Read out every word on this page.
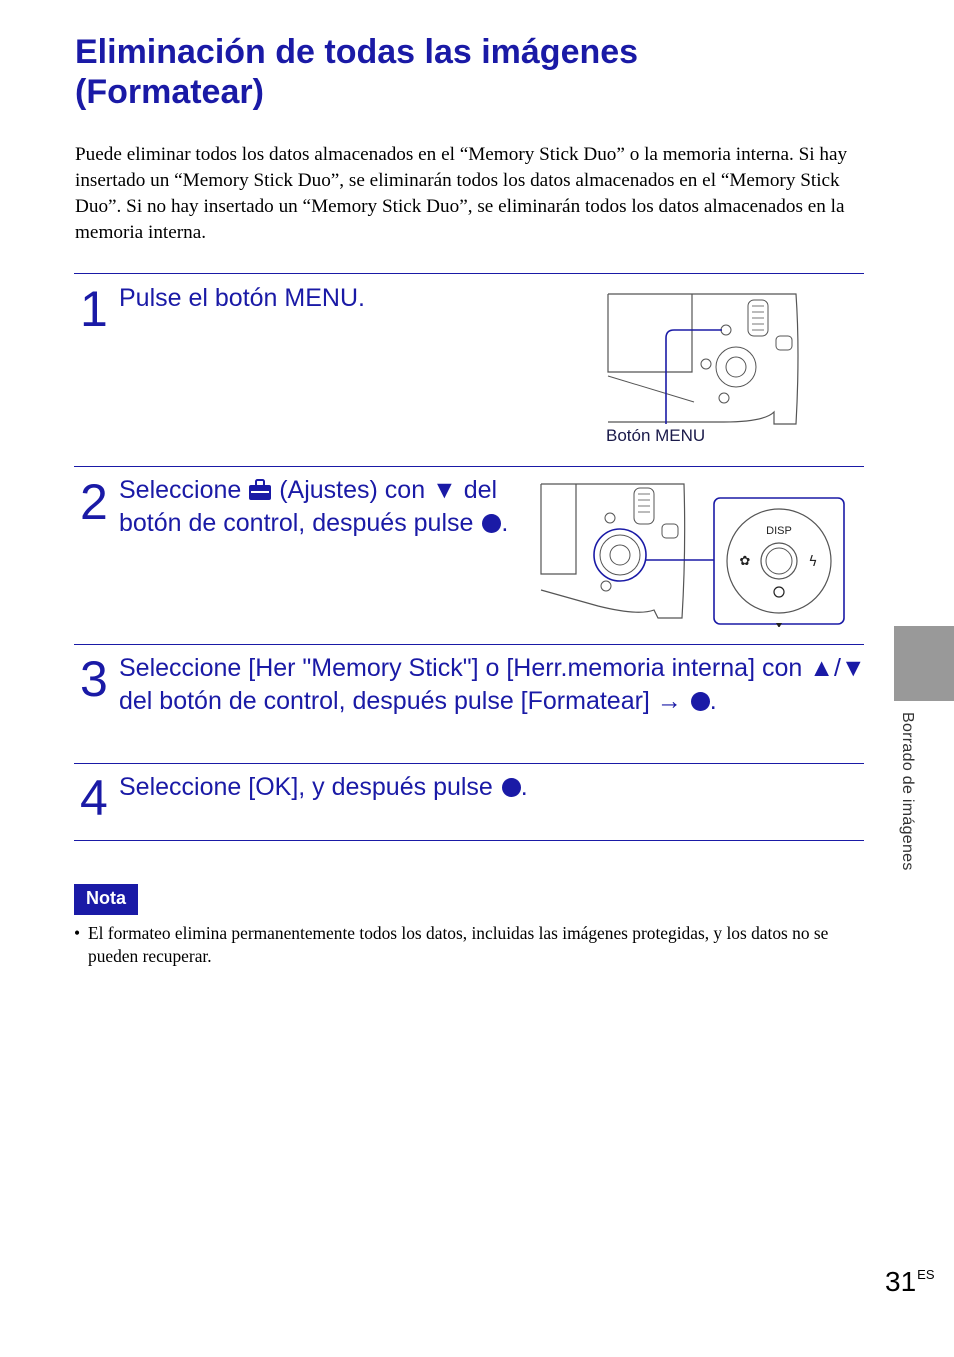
Eliminación de todas las imágenes (Formatear)

Puede eliminar todos los datos almacenados en el “Memory Stick Duo” o la memoria interna. Si hay insertado un “Memory Stick Duo”, se eliminarán todos los datos almacenados en el “Memory Stick Duo”. Si no hay insertado un “Memory Stick Duo”, se eliminarán todos los datos almacenados en la memoria interna.

1 Pulse el botón MENU.
Botón MENU
2 Seleccione (Ajustes) con ▼ del botón de control, después pulse .	DISP
✿	ϟ
3 Seleccione [Her "Memory Stick"] o [Herr.memoria interna] con ▲/▼ del botón de control, después pulse [Formatear] → .
4 Seleccione [OK], y después pulse .
Nota
• El formateo elimina permanentemente todos los datos, incluidas las imágenes protegidas, y los datos no se pueden recuperar.
Borrado de imágenes
$31^{ES}$
